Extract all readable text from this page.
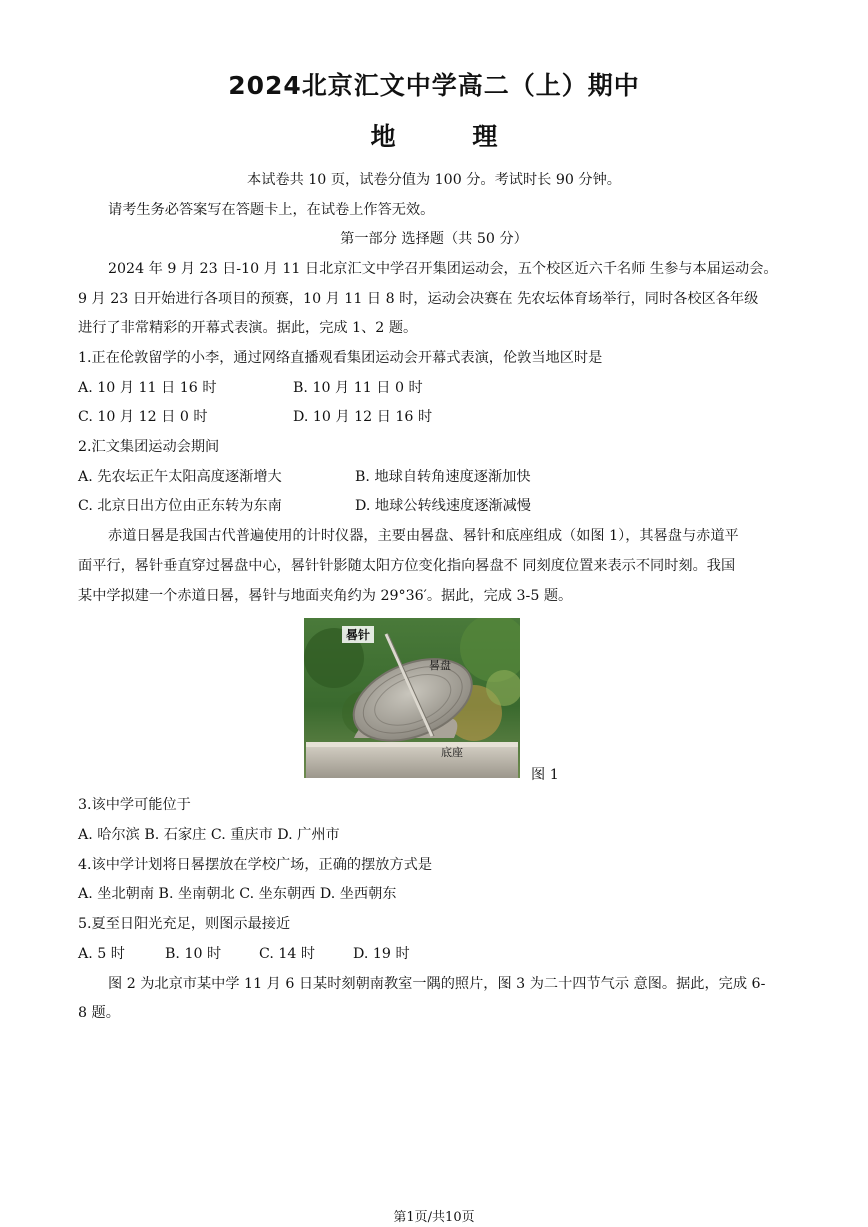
2024北京汇文中学高二（上）期中
地 理
本试卷共 10 页，试卷分值为 100 分。考试时长 90 分钟。
请考生务必答案写在答题卡上，在试卷上作答无效。
第一部分 选择题（共 50 分）
2024 年 9 月 23 日-10 月 11 日北京汇文中学召开集团运动会，五个校区近六千名师 生参与本届运动会。
9 月 23 日开始进行各项目的预赛，10 月 11 日 8 时，运动会决赛在 先农坛体育场举行，同时各校区各年级
进行了非常精彩的开幕式表演。据此，完成 1、2 题。
1.正在伦敦留学的小李，通过网络直播观看集团运动会开幕式表演，伦敦当地区时是
A. 10 月 11 日 16 时	B. 10 月 11 日 0 时
C. 10 月 12 日 0 时	D. 10 月 12 日 16 时
2.汇文集团运动会期间
A. 先农坛正午太阳高度逐渐增大	B. 地球自转角速度逐渐加快
C. 北京日出方位由正东转为东南	D. 地球公转线速度逐渐减慢
赤道日晷是我国古代普遍使用的计时仪器，主要由晷盘、晷针和底座组成（如图 1），其晷盘与赤道平
面平行，晷针垂直穿过晷盘中心，晷针针影随太阳方位变化指向晷盘不 同刻度位置来表示不同时刻。我国
某中学拟建一个赤道日晷，晷针与地面夹角约为 29°36′。据此，完成 3-5 题。
晷针
晷盘
底座
图 1
3.该中学可能位于
A. 哈尔滨 B. 石家庄 C. 重庆市 D. 广州市
4.该中学计划将日晷摆放在学校广场，正确的摆放方式是
A. 坐北朝南 B. 坐南朝北 C. 坐东朝西 D. 坐西朝东
5.夏至日阳光充足，则图示最接近
A. 5 时	B. 10 时	C. 14 时	D. 19 时
图 2 为北京市某中学 11 月 6 日某时刻朝南教室一隅的照片，图 3 为二十四节气示 意图。据此，完成 6-
8 题。
第1页/共10页
